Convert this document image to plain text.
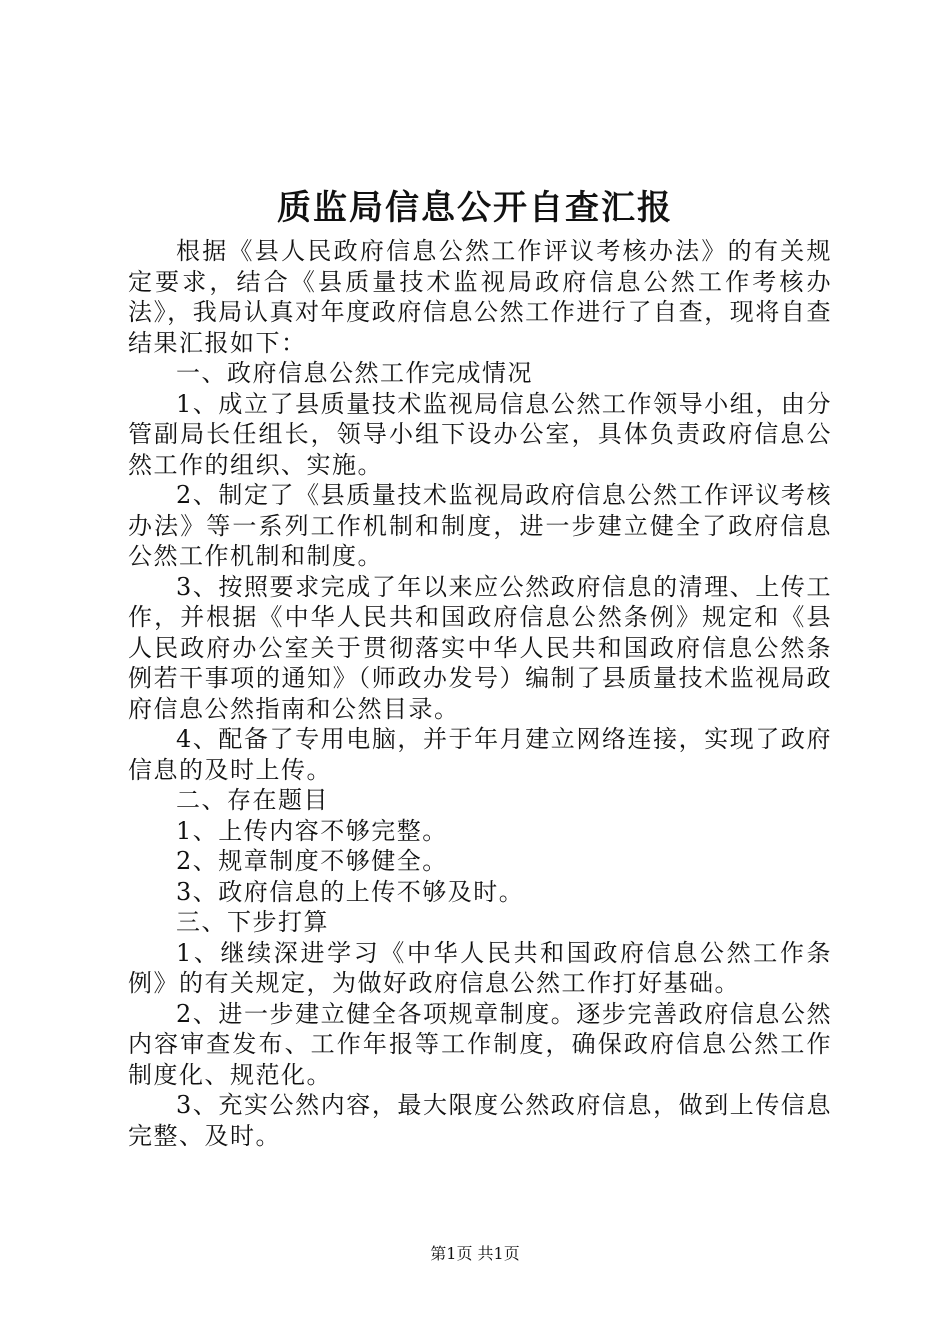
质监局信息公开自查汇报

根据《县人民政府信息公然工作评议考核办法》的有关规定要求，结合《县质量技术监视局政府信息公然工作考核办法》，我局认真对年度政府信息公然工作进行了自查，现将自查结果汇报如下：

一、政府信息公然工作完成情况

1、成立了县质量技术监视局信息公然工作领导小组，由分管副局长任组长，领导小组下设办公室，具体负责政府信息公然工作的组织、实施。

2、制定了《县质量技术监视局政府信息公然工作评议考核办法》等一系列工作机制和制度，进一步建立健全了政府信息公然工作机制和制度。

3、按照要求完成了年以来应公然政府信息的清理、上传工作，并根据《中华人民共和国政府信息公然条例》规定和《县人民政府办公室关于贯彻落实中华人民共和国政府信息公然条例若干事项的通知》（师政办发号）编制了县质量技术监视局政府信息公然指南和公然目录。

4、配备了专用电脑，并于年月建立网络连接，实现了政府信息的及时上传。

二、存在题目

1、上传内容不够完整。

2、规章制度不够健全。

3、政府信息的上传不够及时。

三、下步打算

1、继续深进学习《中华人民共和国政府信息公然工作条例》的有关规定，为做好政府信息公然工作打好基础。

2、进一步建立健全各项规章制度。逐步完善政府信息公然内容审查发布、工作年报等工作制度，确保政府信息公然工作制度化、规范化。

3、充实公然内容，最大限度公然政府信息，做到上传信息完整、及时。

第1页 共1页
